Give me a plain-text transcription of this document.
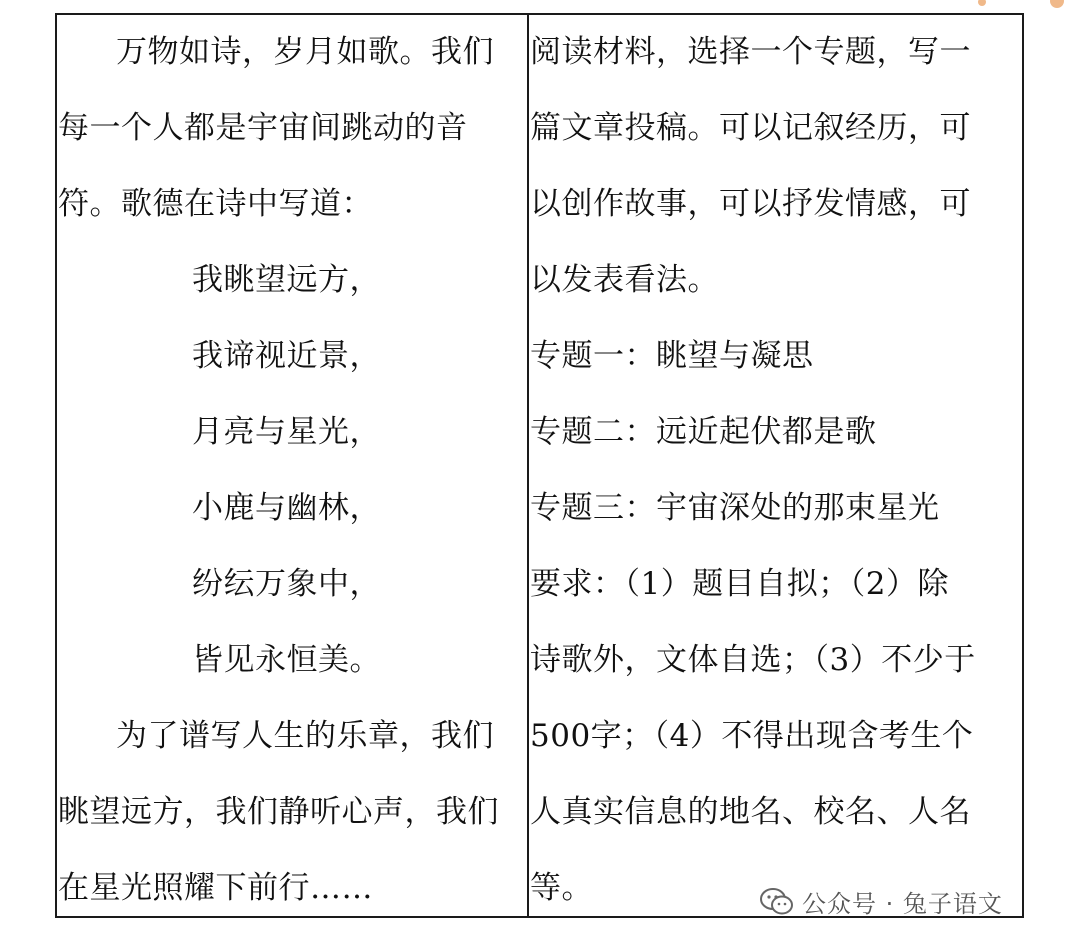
万物如诗，岁月如歌。我们
每一个人都是宇宙间跳动的音
符。歌德在诗中写道：
我眺望远方，
我谛视近景，
月亮与星光，
小鹿与幽林，
纷纭万象中，
皆见永恒美。
为了谱写人生的乐章，我们
眺望远方，我们静听心声，我们
在星光照耀下前行……
阅读材料，选择一个专题，写一
篇文章投稿。可以记叙经历，可
以创作故事，可以抒发情感，可
以发表看法。
专题一：眺望与凝思
专题二：远近起伏都是歌
专题三：宇宙深处的那束星光
要求：（1）题目自拟；（2）除
诗歌外，文体自选；（3）不少于
500字；（4）不得出现含考生个
人真实信息的地名、校名、人名
等。	公众号 · 兔子语文
